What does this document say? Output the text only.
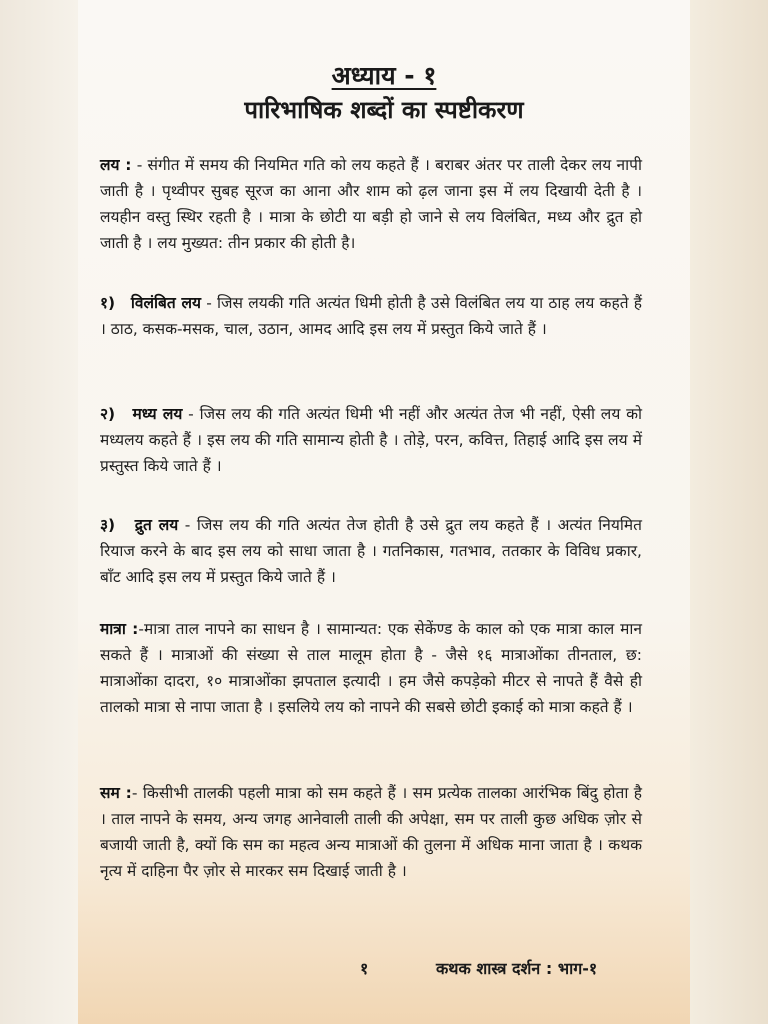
अध्याय - १
पारिभाषिक शब्दों का स्पष्टीकरण
लय : - संगीत में समय की नियमित गति को लय कहते हैं । बराबर अंतर पर ताली देकर लय नापी जाती है । पृथ्वीपर सुबह सूरज का आना और शाम को ढ़ल जाना इस में लय दिखायी देती है । लयहीन वस्तु स्थिर रहती है । मात्रा के छोटी या बड़ी हो जाने से लय विलंबित, मध्य और द्रुत हो जाती है । लय मुख्यत: तीन प्रकार की होती है।
१) विलंबित लय - जिस लयकी गति अत्यंत धिमी होती है उसे विलंबित लय या ठाह लय कहते हैं । ठाठ, कसक-मसक, चाल, उठान, आमद आदि इस लय में प्रस्तुत किये जाते हैं ।
२) मध्य लय - जिस लय की गति अत्यंत धिमी भी नहीं और अत्यंत तेज भी नहीं, ऐसी लय को मध्यलय कहते हैं । इस लय की गति सामान्य होती है । तोड़े, परन, कवित्त, तिहाई आदि इस लय में प्रस्तुस्त किये जाते हैं ।
३) द्रुत लय - जिस लय की गति अत्यंत तेज होती है उसे द्रुत लय कहते हैं । अत्यंत नियमित रियाज करने के बाद इस लय को साधा जाता है । गतनिकास, गतभाव, ततकार के विविध प्रकार, बाँट आदि इस लय में प्रस्तुत किये जाते हैं ।
मात्रा :-मात्रा ताल नापने का साधन है । सामान्यत: एक सेकेंण्ड के काल को एक मात्रा काल मान सकते हैं । मात्राओं की संख्या से ताल मालूम होता है - जैसे १६ मात्राओंका तीनताल, छ: मात्राओंका दादरा, १० मात्राओंका झपताल इत्यादी । हम जैसे कपड़ेको मीटर से नापते हैं वैसे ही तालको मात्रा से नापा जाता है । इसलिये लय को नापने की सबसे छोटी इकाई को मात्रा कहते हैं ।
सम :- किसीभी तालकी पहली मात्रा को सम कहते हैं । सम प्रत्येक तालका आरंभिक बिंदु होता है । ताल नापने के समय, अन्य जगह आनेवाली ताली की अपेक्षा, सम पर ताली कुछ अधिक ज़ोर से बजायी जाती है, क्यों कि सम का महत्व अन्य मात्राओं की तुलना में अधिक माना जाता है । कथक नृत्य में दाहिना पैर ज़ोर से मारकर सम दिखाई जाती है ।
१	कथक शास्त्र दर्शन : भाग-१
